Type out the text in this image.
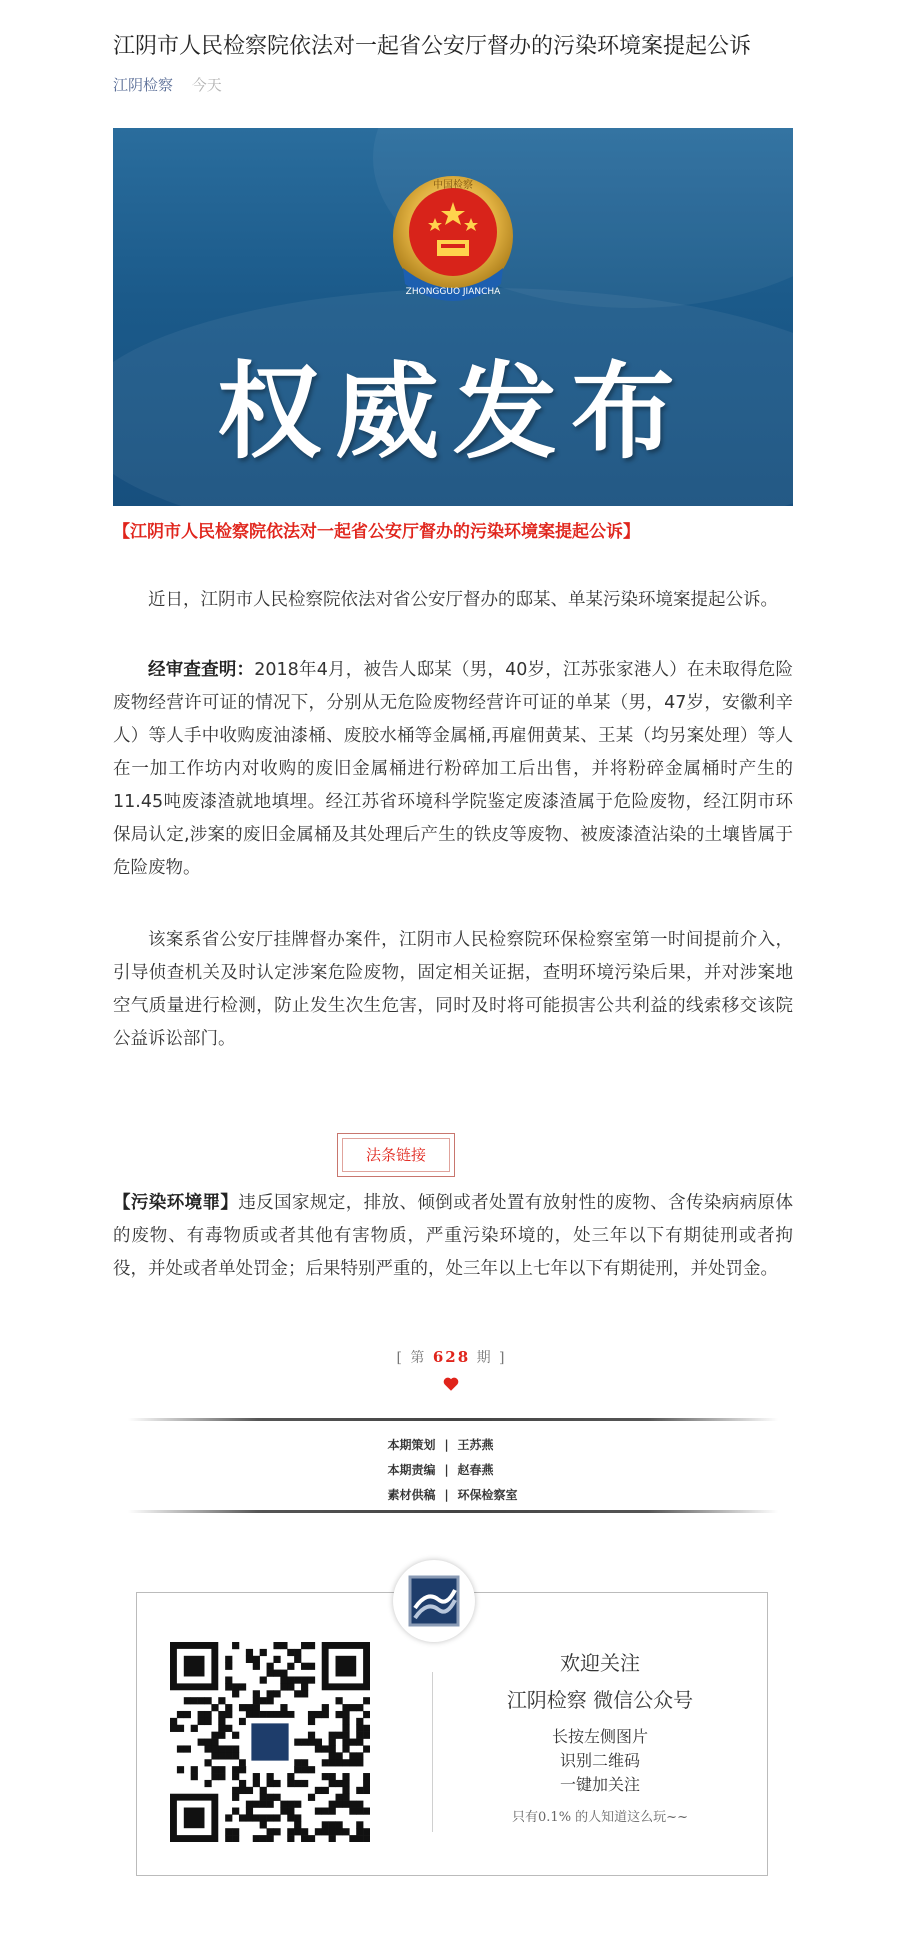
江阴市人民检察院依法对一起省公安厅督办的污染环境案提起公诉
江阴检察 今天
ZHONGGUO JIANCHA
中国检察
权威发布
【江阴市人民检察院依法对一起省公安厅督办的污染环境案提起公诉】
近日，江阴市人民检察院依法对省公安厅督办的邸某、单某污染环境案提起公诉。
经审查查明：2018年4月，被告人邸某（男，40岁，江苏张家港人）在未取得危险废物经营许可证的情况下，分别从无危险废物经营许可证的单某（男，47岁，安徽利辛人）等人手中收购废油漆桶、废胶水桶等金属桶,再雇佣黄某、王某（均另案处理）等人在一加工作坊内对收购的废旧金属桶进行粉碎加工后出售，并将粉碎金属桶时产生的11.45吨废漆渣就地填埋。经江苏省环境科学院鉴定废漆渣属于危险废物，经江阴市环保局认定,涉案的废旧金属桶及其处理后产生的铁皮等废物、被废漆渣沾染的土壤皆属于危险废物。
该案系省公安厅挂牌督办案件，江阴市人民检察院环保检察室第一时间提前介入，引导侦查机关及时认定涉案危险废物，固定相关证据，查明环境污染后果，并对涉案地空气质量进行检测，防止发生次生危害，同时及时将可能损害公共利益的线索移交该院公益诉讼部门。
法条链接
【污染环境罪】违反国家规定，排放、倾倒或者处置有放射性的废物、含传染病病原体的废物、有毒物质或者其他有害物质，严重污染环境的，处三年以下有期徒刑或者拘役，并处或者单处罚金；后果特别严重的，处三年以上七年以下有期徒刑，并处罚金。
[ 第 628 期 ]
本期策划 | 王苏燕
本期责编 | 赵春燕
素材供稿 | 环保检察室
欢迎关注
江阴检察 微信公众号
长按左侧图片
识别二维码
一键加关注
只有0.1% 的人知道这么玩~~
